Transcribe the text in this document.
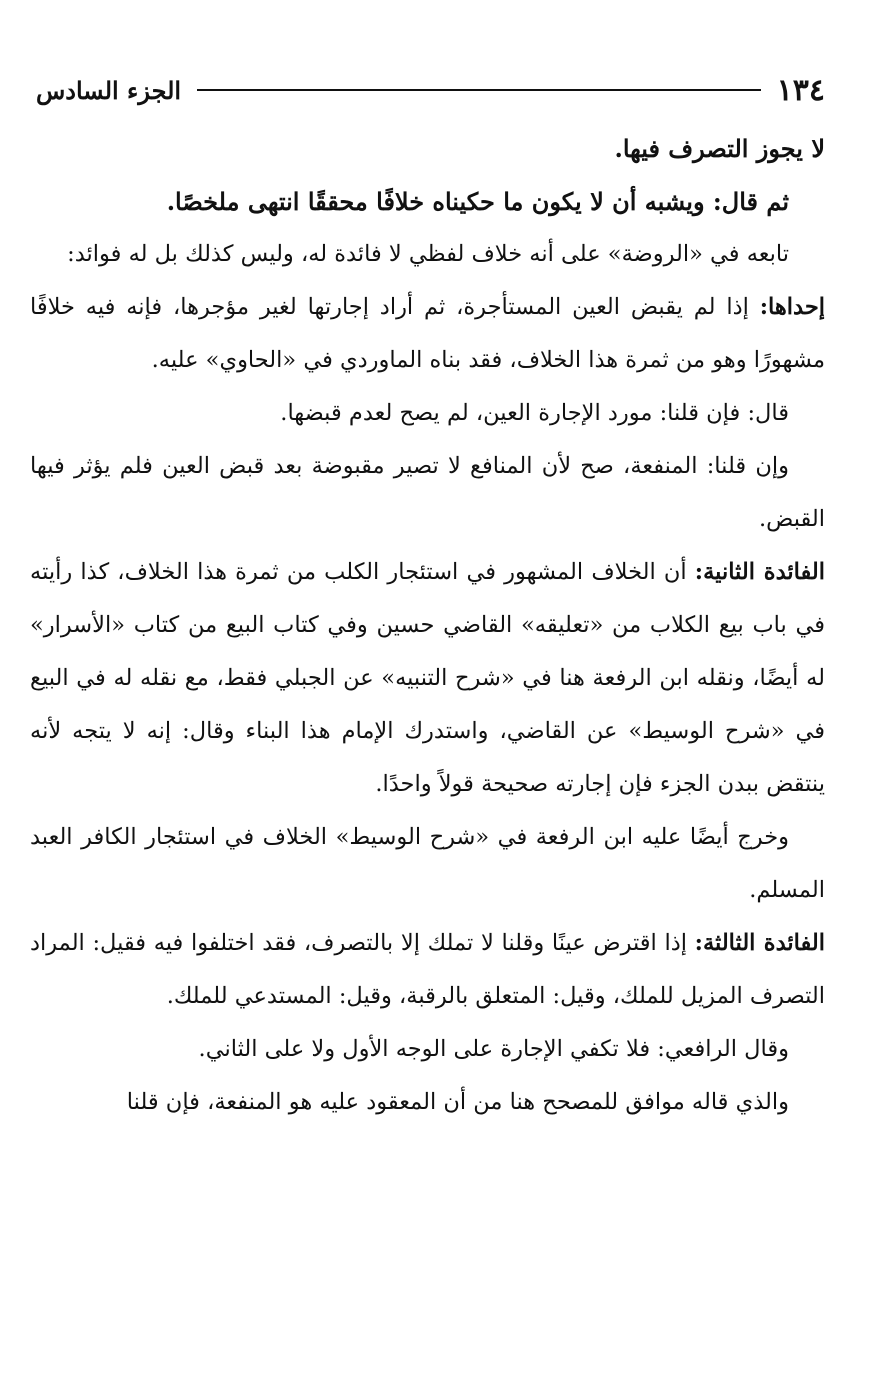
١٣٤
الجزء السادس

لا يجوز التصرف فيها.

ثم قال: ويشبه أن لا يكون ما حكيناه خلافًا محققًا انتهى ملخصًا.

تابعه في «الروضة» على أنه خلاف لفظي لا فائدة له، وليس كذلك بل له فوائد:

إحداها: إذا لم يقبض العين المستأجرة، ثم أراد إجارتها لغير مؤجرها، فإنه فيه خلافًا مشهورًا وهو من ثمرة هذا الخلاف، فقد بناه الماوردي في «الحاوي» عليه.

قال: فإن قلنا: مورد الإجارة العين، لم يصح لعدم قبضها.

وإن قلنا: المنفعة، صح لأن المنافع لا تصير مقبوضة بعد قبض العين فلم يؤثر فيها القبض.

الفائدة الثانية: أن الخلاف المشهور في استئجار الكلب من ثمرة هذا الخلاف، كذا رأيته في باب بيع الكلاب من «تعليقه» القاضي حسين وفي كتاب البيع من كتاب «الأسرار» له أيضًا، ونقله ابن الرفعة هنا في «شرح التنبيه» عن الجبلي فقط، مع نقله له في البيع في «شرح الوسيط» عن القاضي، واستدرك الإمام هذا البناء وقال: إنه لا يتجه لأنه ينتقض ببدن الجزء فإن إجارته صحيحة قولاً واحدًا.

وخرج أيضًا عليه ابن الرفعة في «شرح الوسيط» الخلاف في استئجار الكافر العبد المسلم.

الفائدة الثالثة: إذا اقترض عينًا وقلنا لا تملك إلا بالتصرف، فقد اختلفوا فيه فقيل: المراد التصرف المزيل للملك، وقيل: المتعلق بالرقبة، وقيل: المستدعي للملك.

وقال الرافعي: فلا تكفي الإجارة على الوجه الأول ولا على الثاني.

والذي قاله موافق للمصحح هنا من أن المعقود عليه هو المنفعة، فإن قلنا
